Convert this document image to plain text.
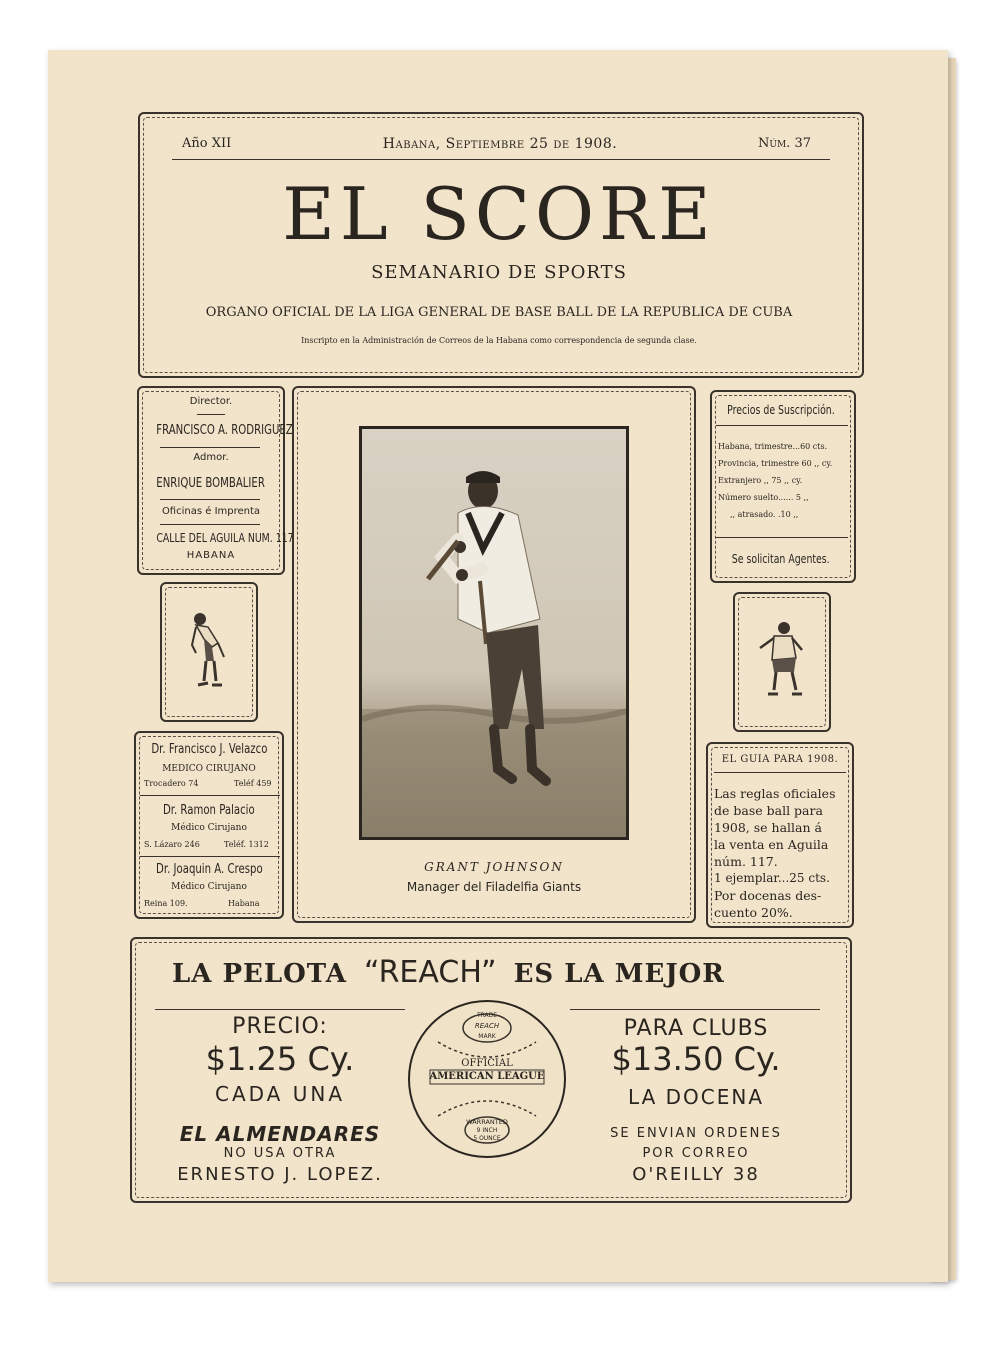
Año XII	Habana, Septiembre 25 de 1908.	Núm. 37
EL SCORE
SEMANARIO DE SPORTS
ORGANO OFICIAL DE LA LIGA GENERAL DE BASE BALL DE LA REPUBLICA DE CUBA
Inscripto en la Administración de Correos de la Habana como correspondencia de segunda clase.
Director.
FRANCISCO A. RODRIGUEZ
Admor.
ENRIQUE BOMBALIER
Oficinas é Imprenta
CALLE DEL AGUILA NUM. 117
HABANA
Dr. Francisco J. Velazco
MEDICO CIRUJANO
Trocadero 74	Teléf 459
Dr. Ramon Palacio
Médico Cirujano
S. Lázaro 246	Teléf. 1312
Dr. Joaquin A. Crespo
Médico Cirujano
Reina 109.	Habana
GRANT JOHNSON
Manager del Filadelfia Giants
Precios de Suscripción.
Habana, trimestre...60 cts.
Provincia, trimestre 60 ,, cy.
Extranjero ,, 75 ,, cy.
Número suelto...... 5 ,,
,, atrasado. .10 ,,
Se solicitan Agentes.
EL GUIA PARA 1908.
Las reglas oficiales
de base ball para
1908, se hallan á
la venta en Aguila
núm. 117.
1 ejemplar...25 cts.
Por docenas des-
cuento 20%.
LA PELOTA “REACH” ES LA MEJOR
PRECIO:
$1.25 Cy.
CADA UNA
PARA CLUBS
$13.50 Cy.
LA DOCENA
TRADE
REACH
MARK
OFFICIAL
AMERICAN LEAGUE
WARRANTED
9 INCH
5 OUNCE
EL ALMENDARES
NO USA OTRA
ERNESTO J. LOPEZ.
SE ENVIAN ORDENES
POR CORREO
O'REILLY 38
